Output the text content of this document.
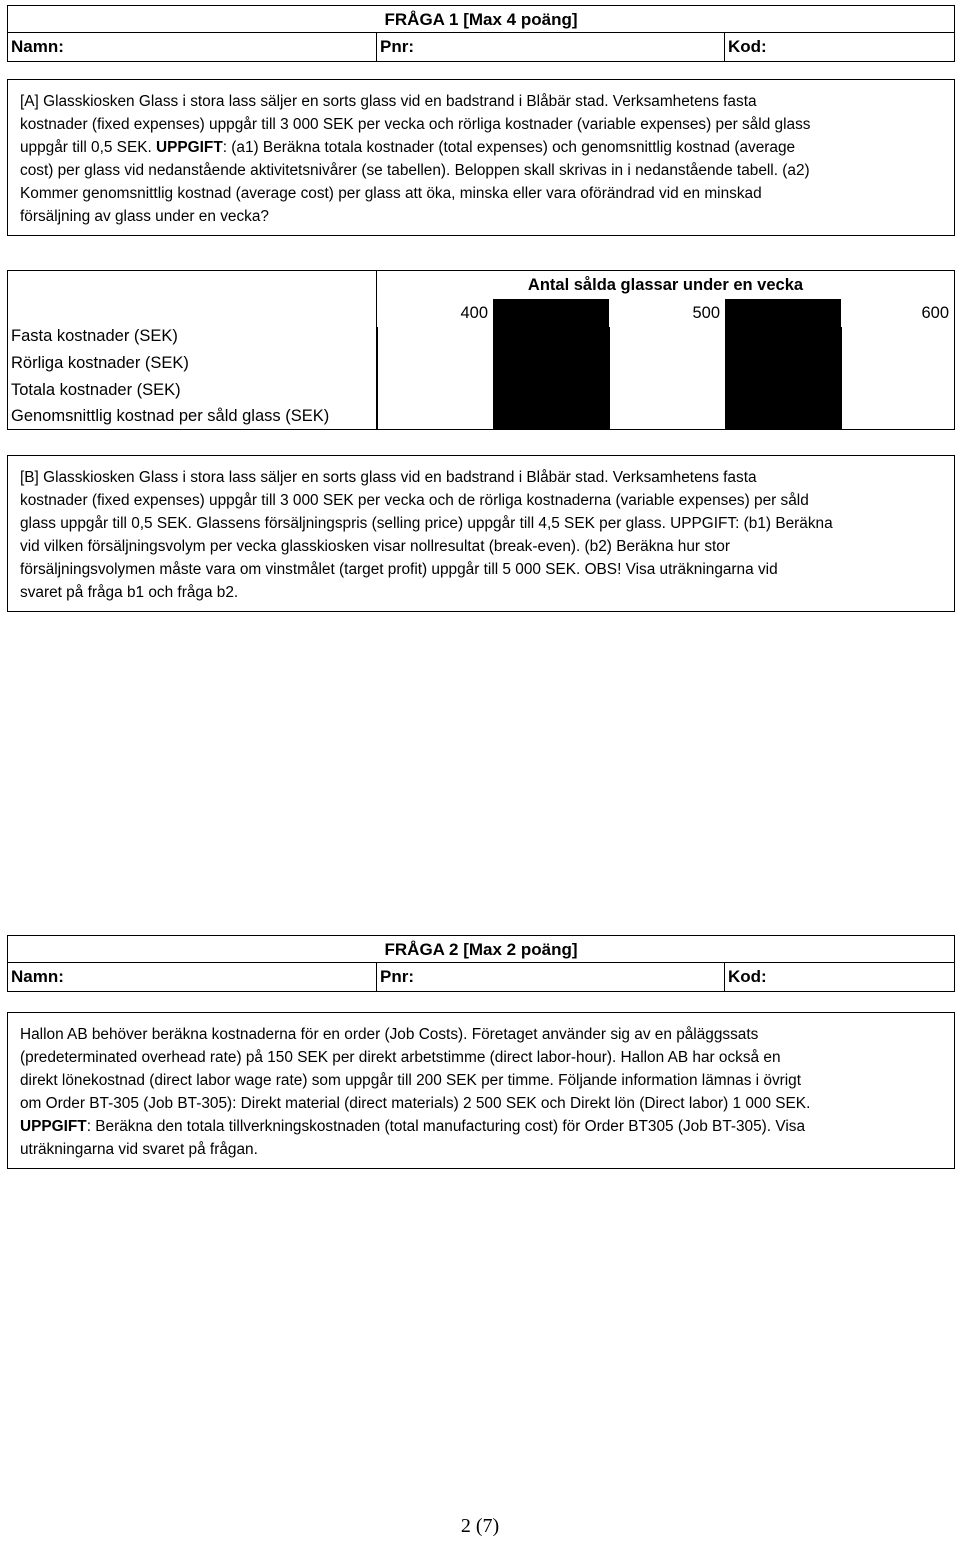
FRÅGA 1 [Max 4 poäng]
Namn:	Pnr:	Kod:
[A] Glasskiosken Glass i stora lass säljer en sorts glass vid en badstrand i Blåbär stad. Verksamhetens fasta
kostnader (fixed expenses) uppgår till 3 000 SEK per vecka och rörliga kostnader (variable expenses) per såld glass
uppgår till 0,5 SEK. UPPGIFT: (a1) Beräkna totala kostnader (total expenses) och genomsnittlig kostnad (average
cost) per glass vid nedanstående aktivitetsnivårer (se tabellen). Beloppen skall skrivas in i nedanstående tabell. (a2)
Kommer genomsnittlig kostnad (average cost) per glass att öka, minska eller vara oförändrad vid en minskad
försäljning av glass under en vecka?
Fasta kostnader (SEK)
Rörliga kostnader (SEK)
Totala kostnader (SEK)
Genomsnittlig kostnad per såld glass (SEK)
Antal sålda glassar under en vecka
400	500	600
[B] Glasskiosken Glass i stora lass säljer en sorts glass vid en badstrand i Blåbär stad. Verksamhetens fasta
kostnader (fixed expenses) uppgår till 3 000 SEK per vecka och de rörliga kostnaderna (variable expenses) per såld
glass uppgår till 0,5 SEK. Glassens försäljningspris (selling price) uppgår till 4,5 SEK per glass. UPPGIFT: (b1) Beräkna
vid vilken försäljningsvolym per vecka glasskiosken visar nollresultat (break-even). (b2) Beräkna hur stor
försäljningsvolymen måste vara om vinstmålet (target profit) uppgår till 5 000 SEK. OBS! Visa uträkningarna vid
svaret på fråga b1 och fråga b2.
FRÅGA 2 [Max 2 poäng]
Namn:	Pnr:	Kod:
Hallon AB behöver beräkna kostnaderna för en order (Job Costs). Företaget använder sig av en påläggssats
(predeterminated overhead rate) på 150 SEK per direkt arbetstimme (direct labor-hour). Hallon AB har också en
direkt lönekostnad (direct labor wage rate) som uppgår till 200 SEK per timme. Följande information lämnas i övrigt
om Order BT-305 (Job BT-305): Direkt material (direct materials) 2 500 SEK och Direkt lön (Direct labor) 1 000 SEK.
UPPGIFT: Beräkna den totala tillverkningskostnaden (total manufacturing cost) för Order BT305 (Job BT-305). Visa
uträkningarna vid svaret på frågan.
2 (7)
